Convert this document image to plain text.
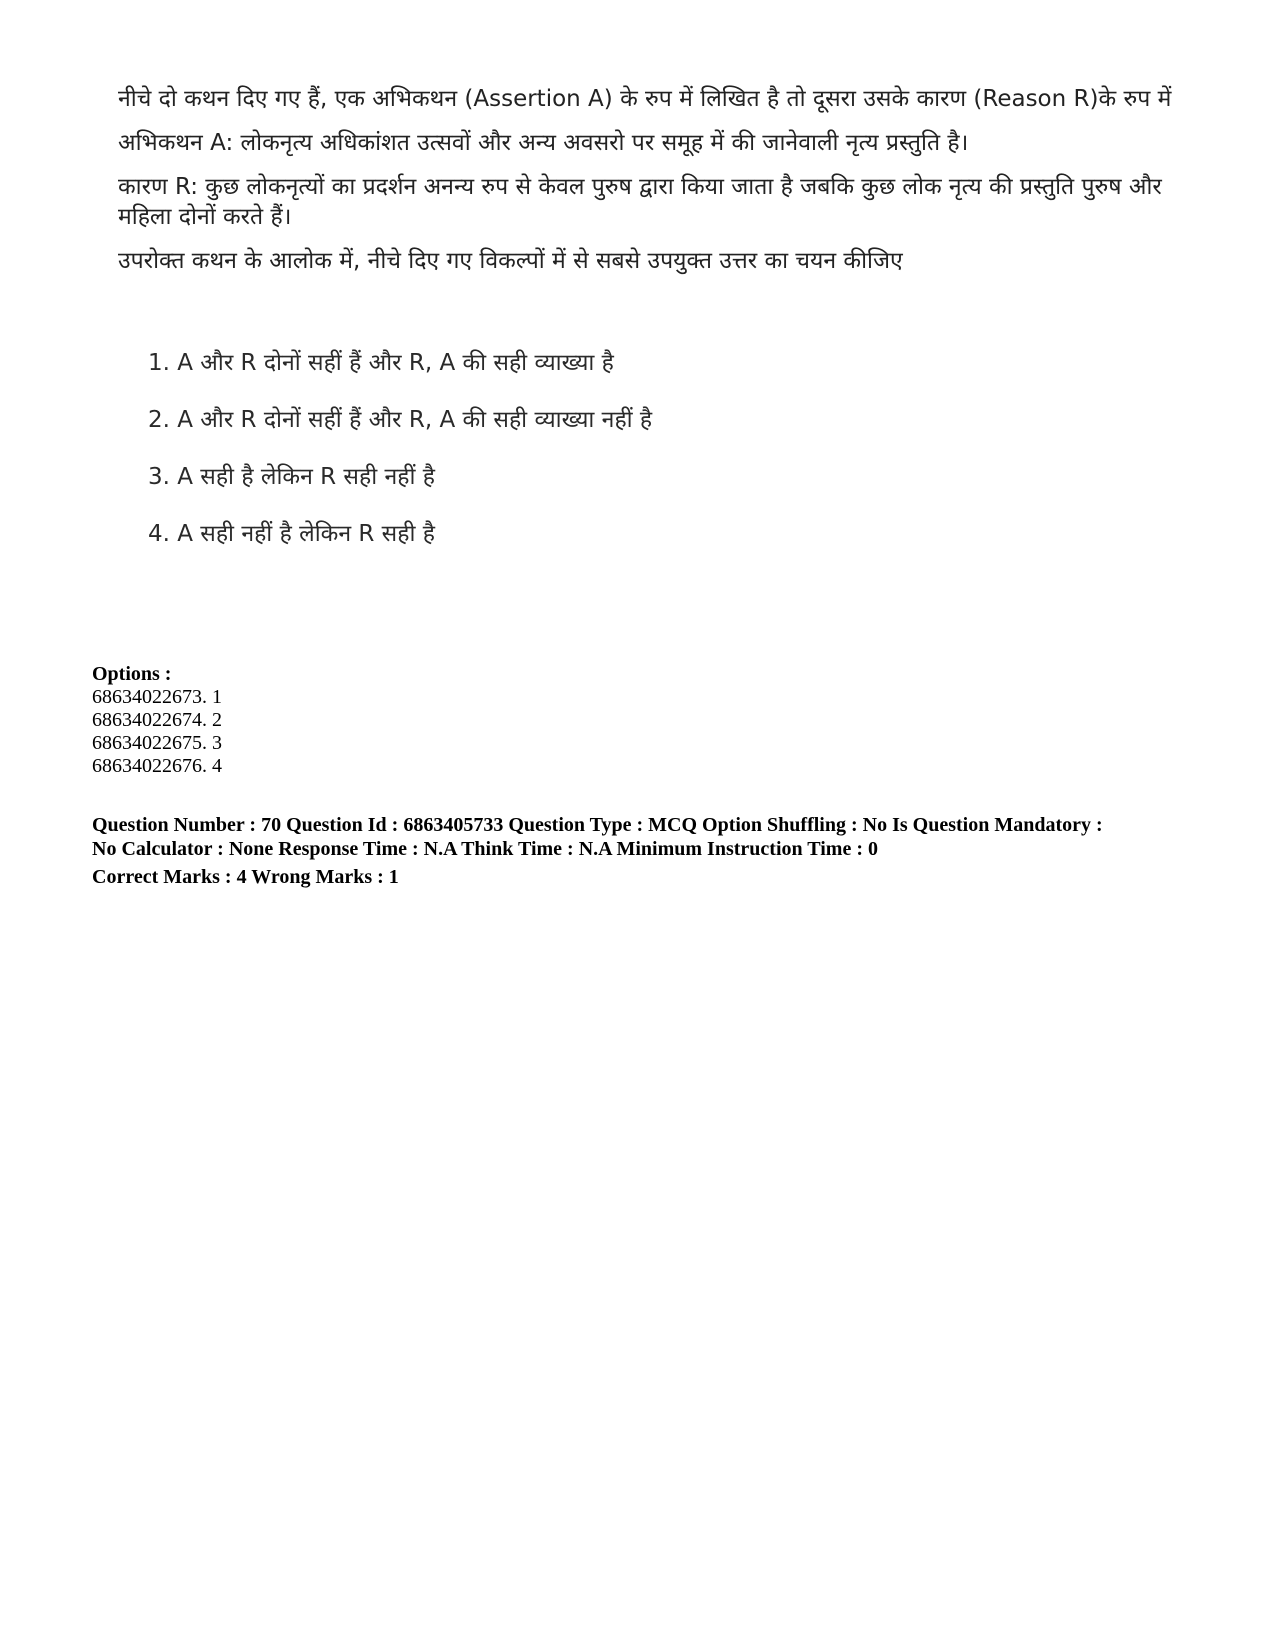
नीचे दो कथन दिए गए हैं, एक अभिकथन (Assertion A) के रुप में लिखित है तो दूसरा उसके कारण (Reason R)के रुप में

अभिकथन A: लोकनृत्य अधिकांशत उत्सवों और अन्य अवसरो पर समूह में की जानेवाली नृत्य प्रस्तुति है।

कारण R: कुछ लोकनृत्यों का प्रदर्शन अनन्य रुप से केवल पुरुष द्वारा किया जाता है जबकि कुछ लोक नृत्य की प्रस्तुति पुरुष और महिला दोनों करते हैं।

उपरोक्त कथन के आलोक में, नीचे दिए गए विकल्पों में से सबसे उपयुक्त उत्तर का चयन कीजिए

1. A और R दोनों सहीं हैं और R, A की सही व्याख्या है

2. A और R दोनों सहीं हैं और R, A की सही व्याख्या नहीं है

3. A सही है लेकिन R सही नहीं है

4. A सही नहीं है लेकिन R सही है

Options :
68634022673. 1
68634022674. 2
68634022675. 3
68634022676. 4
Question Number : 70 Question Id : 6863405733 Question Type : MCQ Option Shuffling : No Is Question Mandatory :
No Calculator : None Response Time : N.A Think Time : N.A Minimum Instruction Time : 0
Correct Marks : 4 Wrong Marks : 1
